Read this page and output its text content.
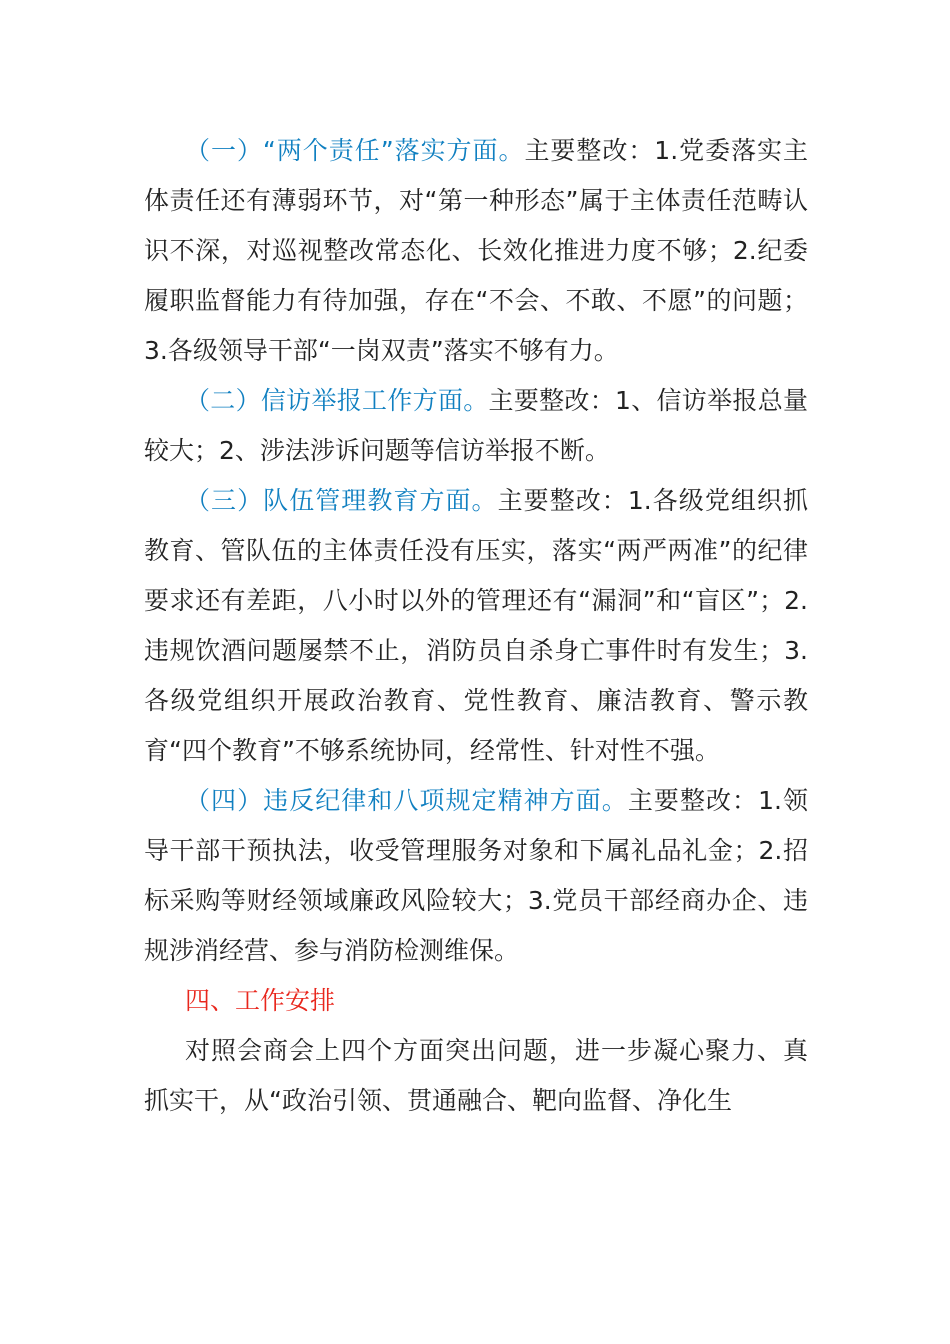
（一）“两个责任”落实方面。主要整改：1.党委落实主体责任还有薄弱环节，对“第一种形态”属于主体责任范畴认识不深，对巡视整改常态化、长效化推进力度不够；2.纪委履职监督能力有待加强，存在“不会、不敢、不愿”的问题；3.各级领导干部“一岗双责”落实不够有力。

（二）信访举报工作方面。主要整改：1、信访举报总量较大；2、涉法涉诉问题等信访举报不断。

（三）队伍管理教育方面。主要整改：1.各级党组织抓教育、管队伍的主体责任没有压实，落实“两严两准”的纪律要求还有差距，八小时以外的管理还有“漏洞”和“盲区”；2.违规饮酒问题屡禁不止，消防员自杀身亡事件时有发生；3.各级党组织开展政治教育、党性教育、廉洁教育、警示教育“四个教育”不够系统协同，经常性、针对性不强。

（四）违反纪律和八项规定精神方面。主要整改：1.领导干部干预执法，收受管理服务对象和下属礼品礼金；2.招标采购等财经领域廉政风险较大；3.党员干部经商办企、违规涉消经营、参与消防检测维保。

四、工作安排

对照会商会上四个方面突出问题，进一步凝心聚力、真抓实干，从“政治引领、贯通融合、靶向监督、净化生
